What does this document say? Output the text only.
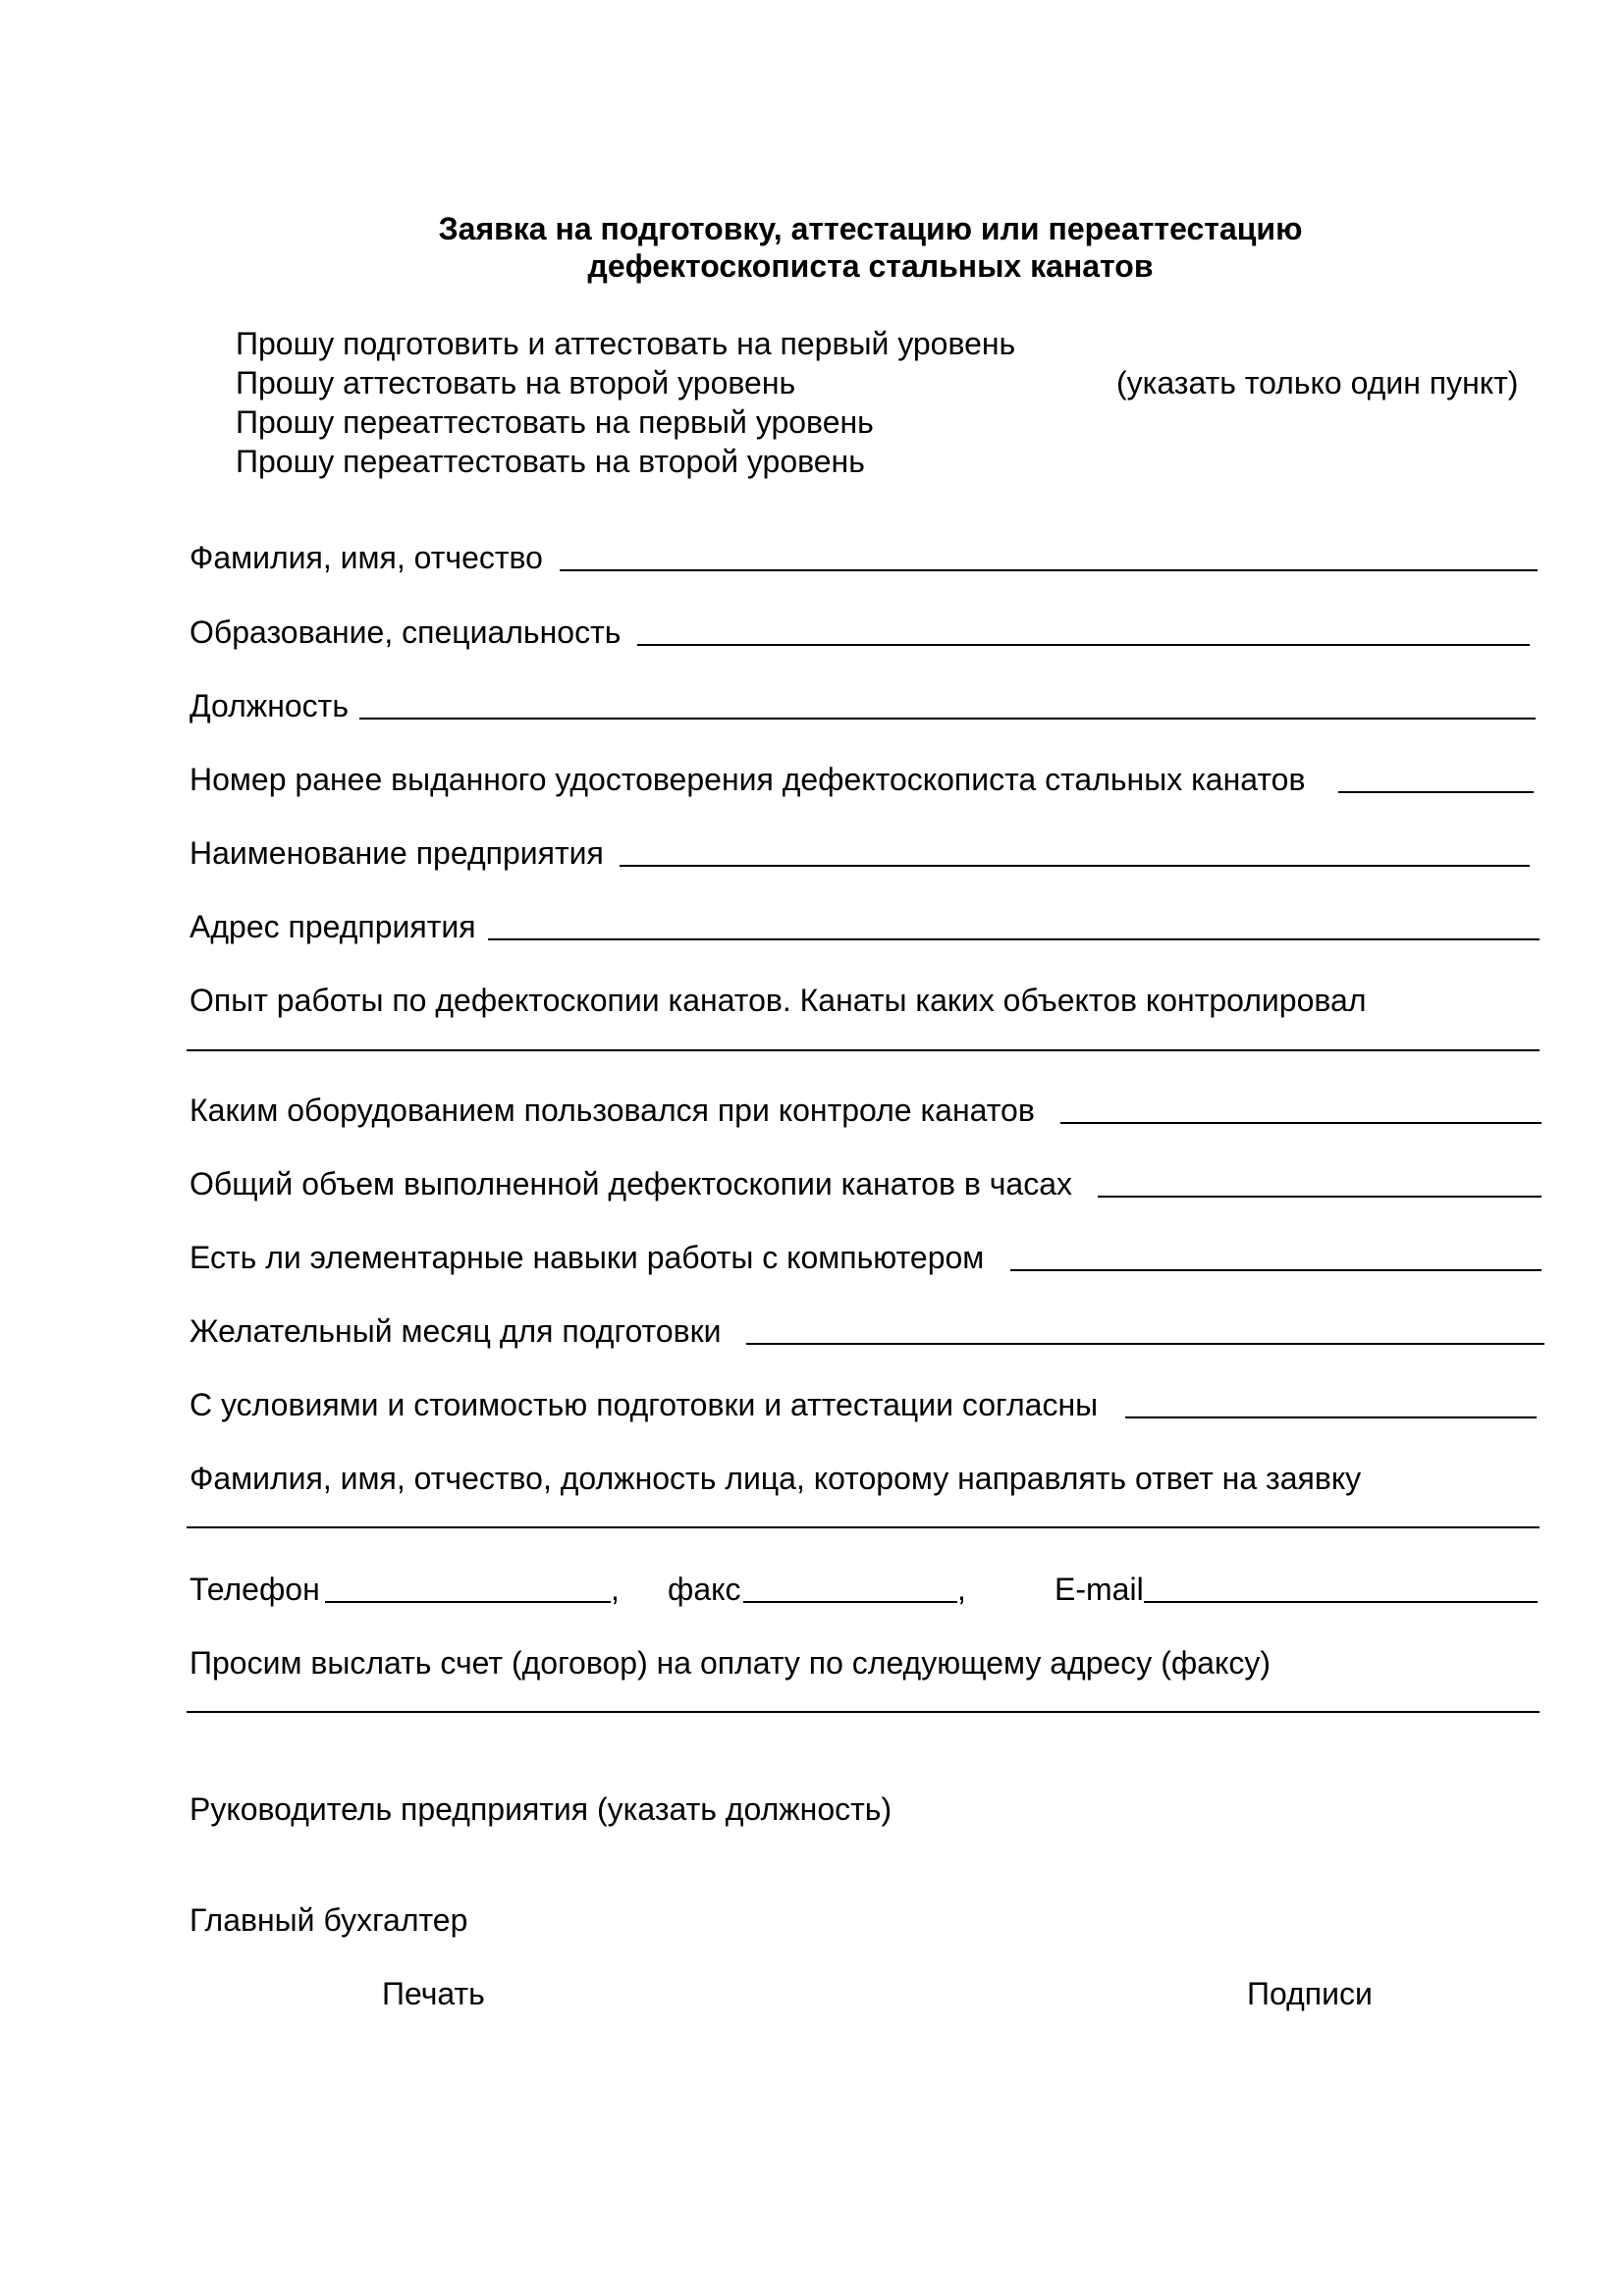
Заявка на подготовку, аттестацию или переаттестацию
дефектоскописта стальных канатов
Прошу подготовить и аттестовать на первый уровень
Прошу аттестовать на второй уровень	(указать только один пункт)
Прошу переаттестовать на первый уровень
Прошу переаттестовать на второй уровень
Фамилия, имя, отчество
Образование, специальность
Должность
Номер ранее выданного удостоверения дефектоскописта стальных канатов
Наименование предприятия
Адрес предприятия
Опыт работы по дефектоскопии канатов. Канаты каких объектов контролировал
Каким оборудованием пользовался при контроле канатов
Общий объем выполненной дефектоскопии канатов в часах
Есть ли элементарные навыки работы с компьютером
Желательный месяц для подготовки
С условиями и стоимостью подготовки и аттестации согласны
Фамилия, имя, отчество, должность лица, которому направлять ответ на заявку
Телефон	, факс	,	E-mail
Просим выслать счет (договор) на оплату по следующему адресу (факсу)
Руководитель предприятия (указать должность)
Главный бухгалтер
Печать	Подписи
